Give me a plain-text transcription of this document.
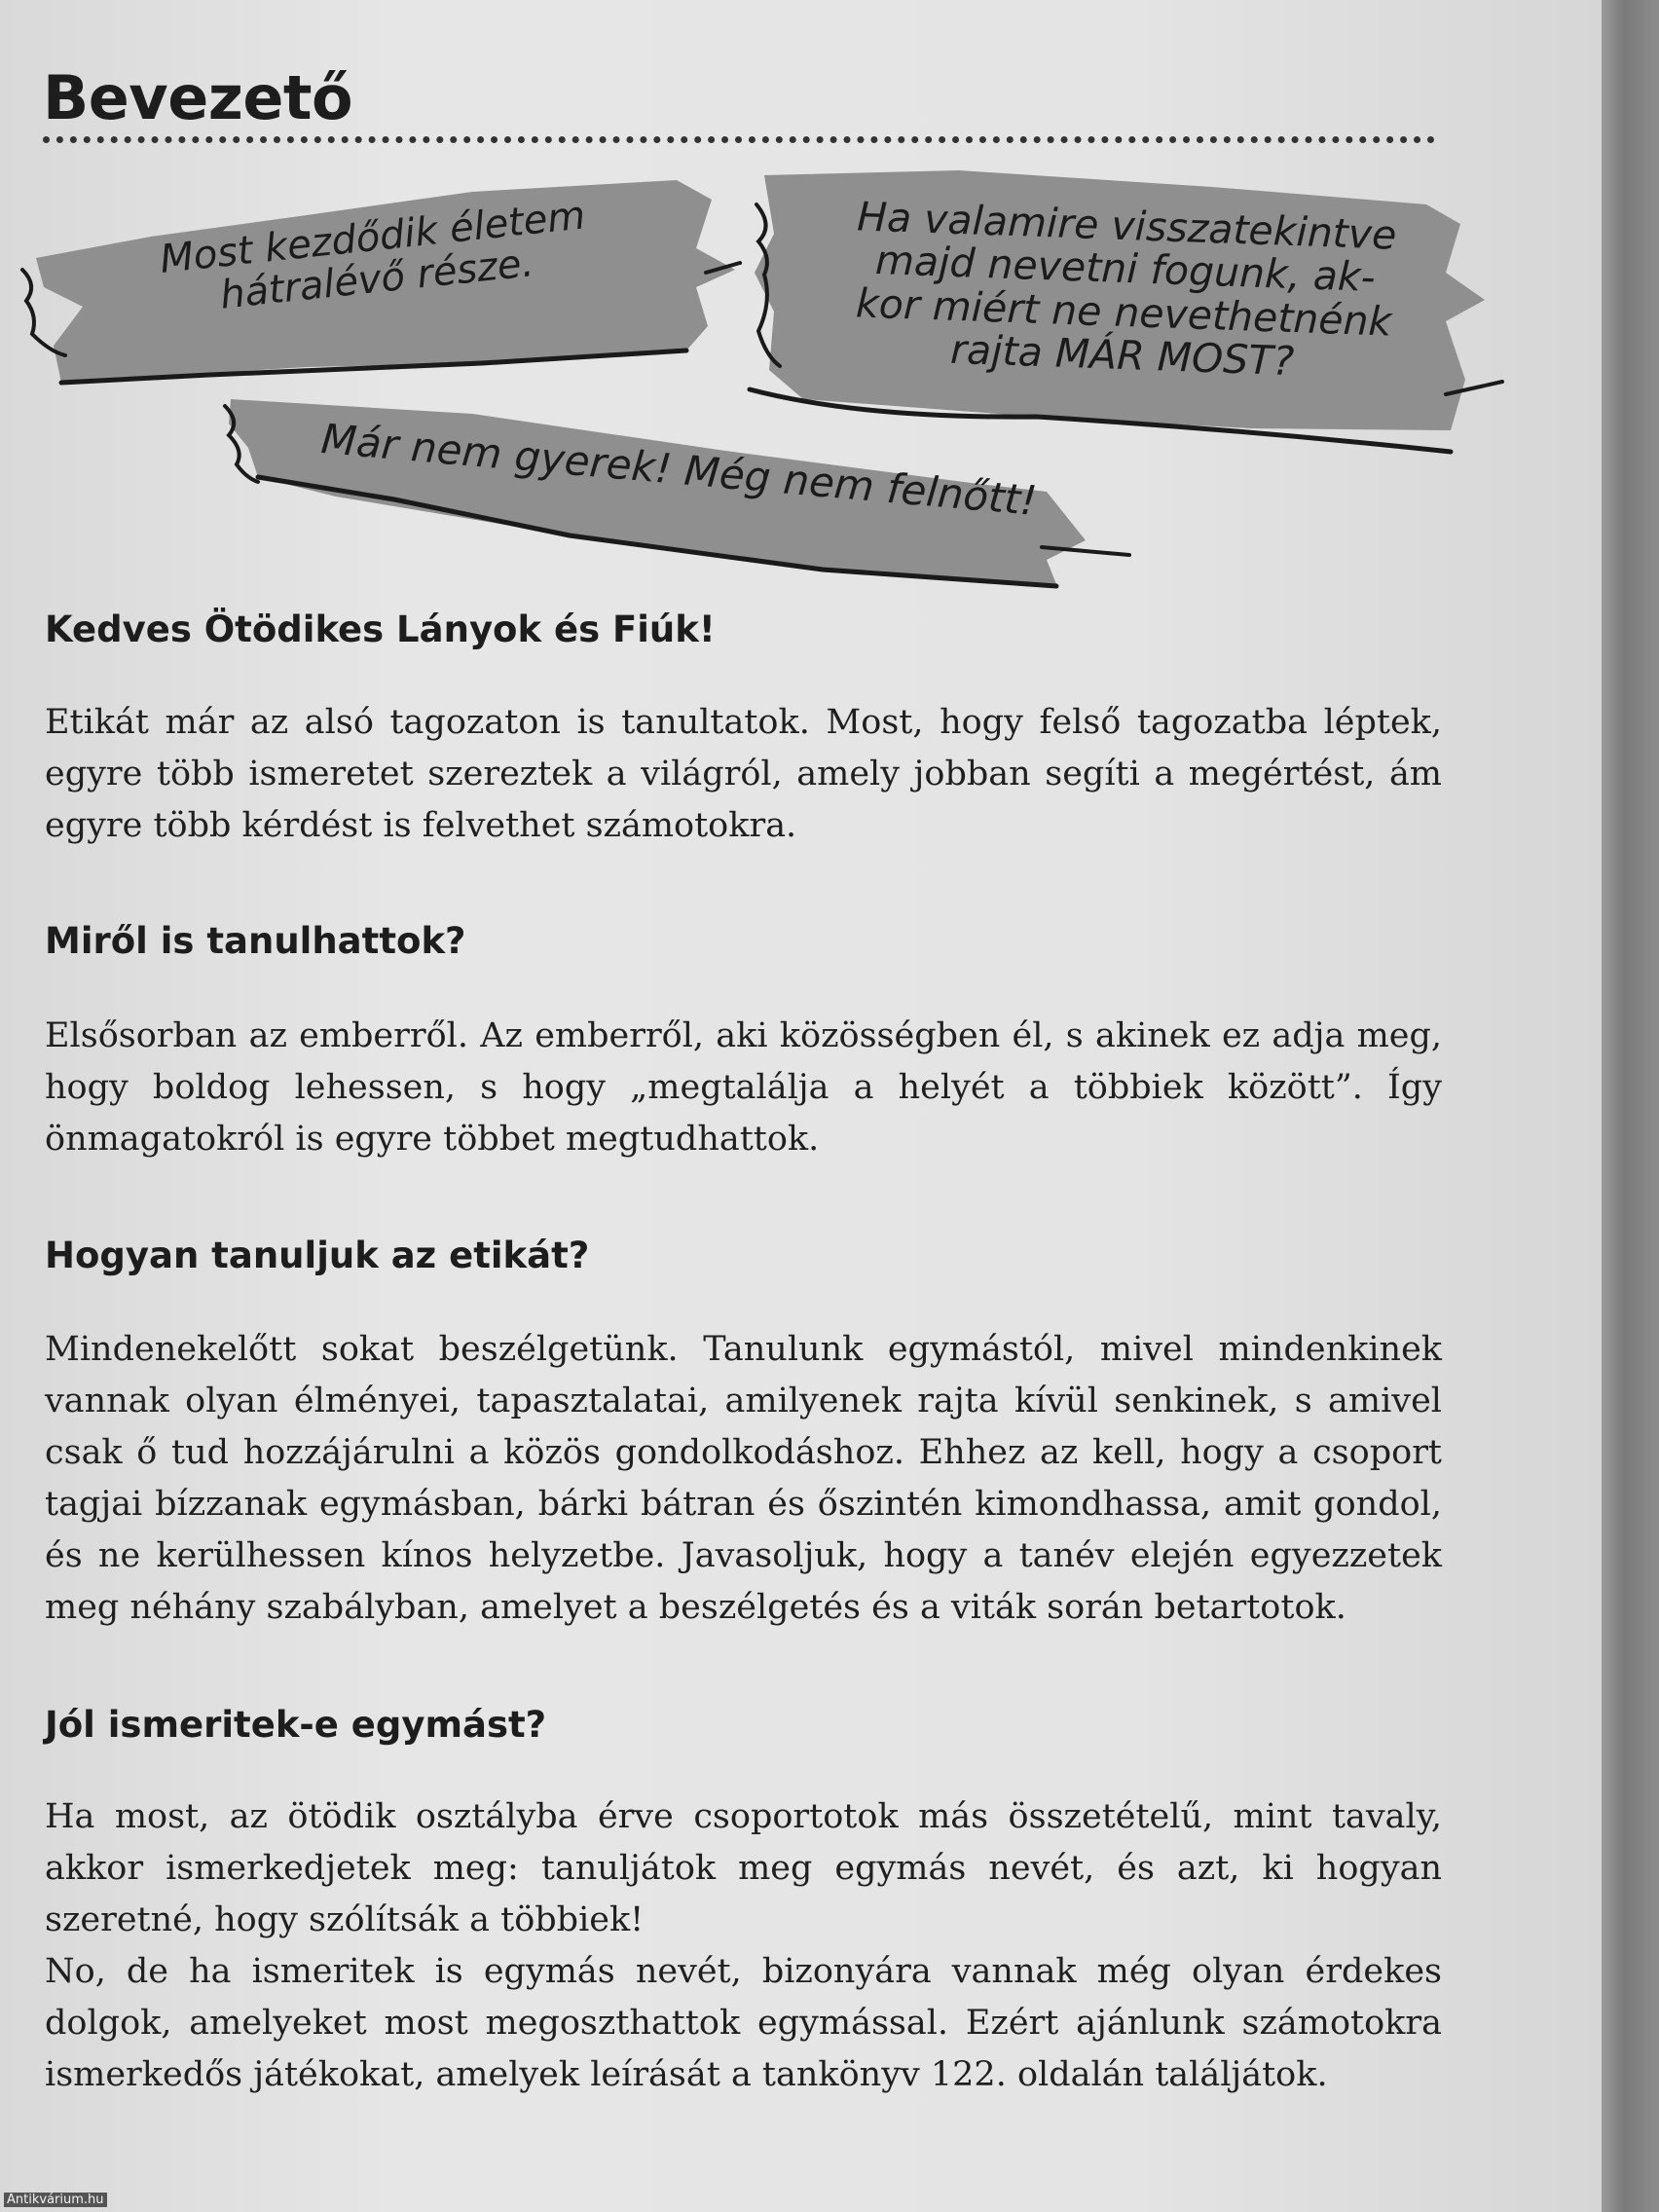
Bevezető
Most kezdődik életem
hátralévő része.
Ha valamire visszatekintve
majd nevetni fogunk, ak-
kor miért ne nevethetnénk
rajta MÁR MOST?
Már nem gyerek! Még nem felnőtt!
Kedves Ötödikes Lányok és Fiúk!

Etikát már az alsó tagozaton is tanultatok. Most, hogy felső tagozatba léptek, egyre több ismeretet szereztek a világról, amely jobban segíti a megértést, ám egyre több kérdést is felvethet számotokra.

Miről is tanulhattok?

Elsősorban az emberről. Az emberről, aki közösségben él, s akinek ez adja meg, hogy boldog lehessen, s hogy „megtalálja a helyét a többiek között”. Így önmagatokról is egyre többet megtudhattok.

Hogyan tanuljuk az etikát?

Mindenekelőtt sokat beszélgetünk. Tanulunk egymástól, mivel mindenkinek vannak olyan élményei, tapasztalatai, amilyenek rajta kívül senkinek, s amivel csak ő tud hozzájárulni a közös gondolkodáshoz. Ehhez az kell, hogy a csoport tagjai bízzanak egymásban, bárki bátran és őszintén kimondhassa, amit gondol, és ne kerülhessen kínos helyzetbe. Javasoljuk, hogy a tanév elején egyezzetek meg néhány szabályban, amelyet a beszélgetés és a viták során betartotok.

Jól ismeritek-e egymást?

Ha most, az ötödik osztályba érve csoportotok más összetételű, mint tavaly, akkor ismerkedjetek meg: tanuljátok meg egymás nevét, és azt, ki hogyan szeretné, hogy szólítsák a többiek!
No, de ha ismeritek is egymás nevét, bizonyára vannak még olyan érdekes dolgok, amelyeket most megoszthattok egymással. Ezért ajánlunk számotokra ismerkedős játékokat, amelyek leírását a tankönyv 122. oldalán találjátok.

Antikvárium.hu
